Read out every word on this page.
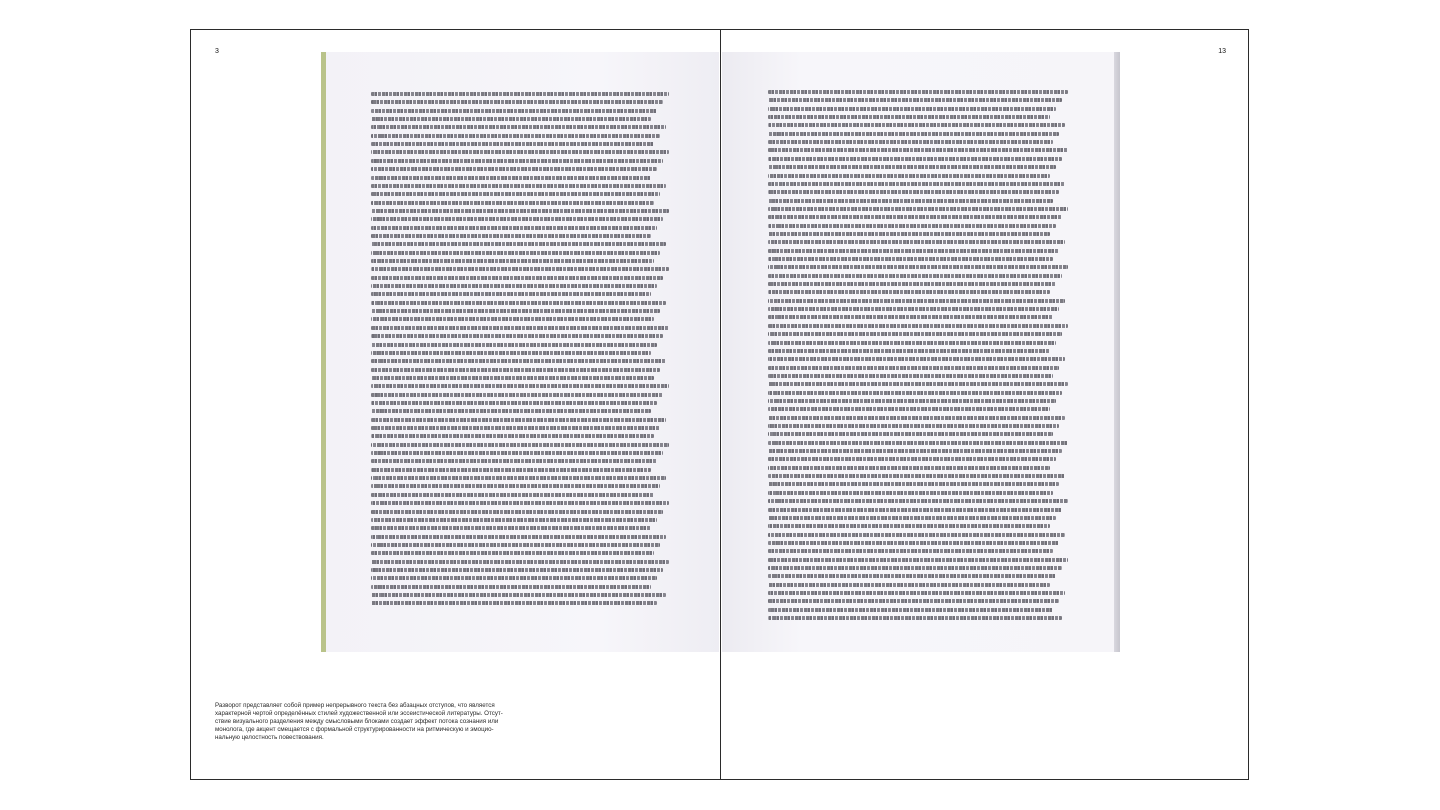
3	13
Разворот представляет собой пример непрерывного текста без абзацных отступов, что является
характерной чертой определённых стилей художественной или эссеистической литературы. Отсут-
ствие визуального разделения между смысловыми блоками создает эффект потока сознания или
монолога, где акцент смещается с формальной структурированности на ритмическую и эмоцио-
нальную целостность повествования.
